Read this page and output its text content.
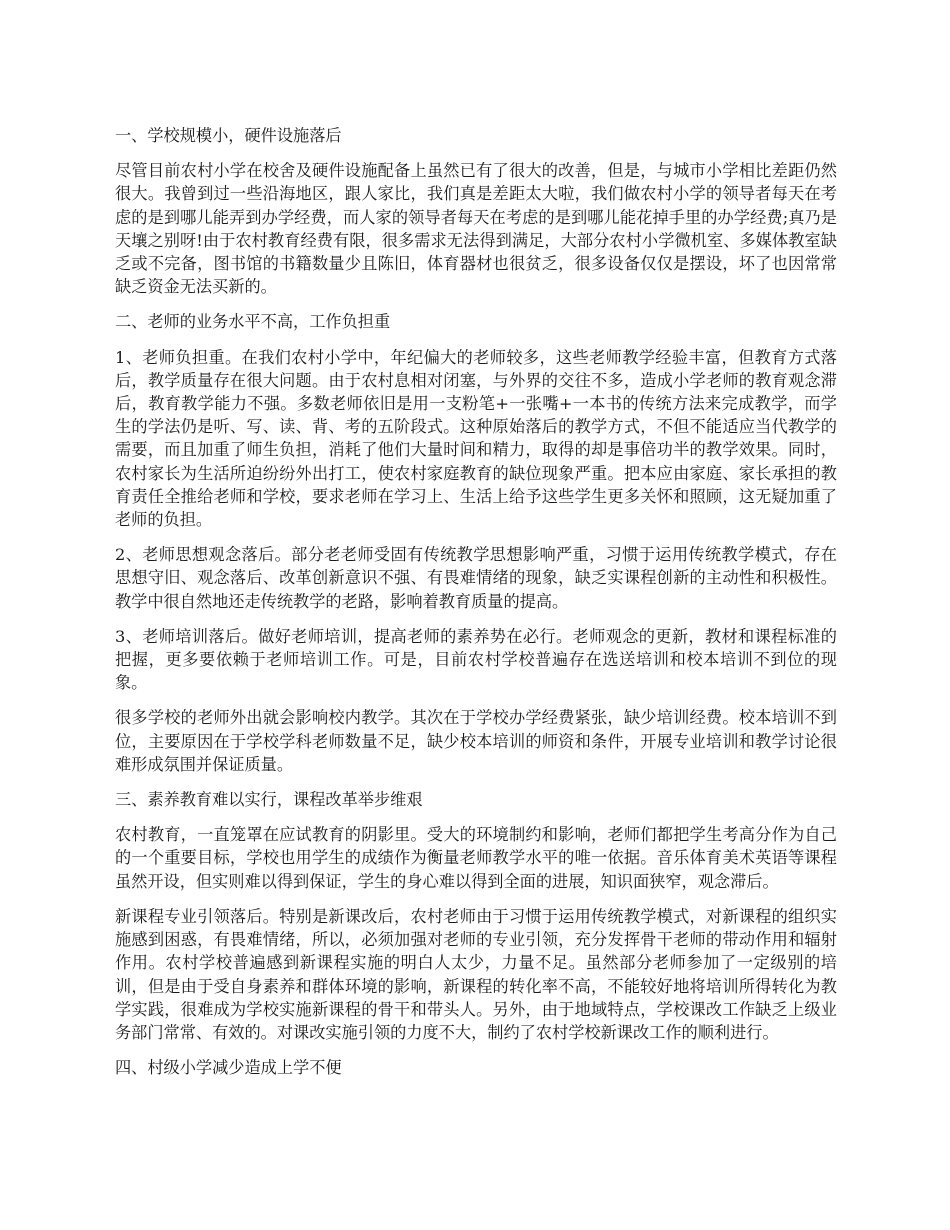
一、学校规模小，硬件设施落后

尽管目前农村小学在校舍及硬件设施配备上虽然已有了很大的改善，但是，与城市小学相比差距仍然很大。我曾到过一些沿海地区，跟人家比，我们真是差距太大啦，我们做农村小学的领导者每天在考虑的是到哪儿能弄到办学经费，而人家的领导者每天在考虑的是到哪儿能花掉手里的办学经费;真乃是天壤之别呀!由于农村教育经费有限，很多需求无法得到满足，大部分农村小学微机室、多媒体教室缺乏或不完备，图书馆的书籍数量少且陈旧，体育器材也很贫乏，很多设备仅仅是摆设，坏了也因常常缺乏资金无法买新的。

二、老师的业务水平不高，工作负担重

1、老师负担重。在我们农村小学中，年纪偏大的老师较多，这些老师教学经验丰富，但教育方式落后，教学质量存在很大问题。由于农村息相对闭塞，与外界的交往不多，造成小学老师的教育观念滞后，教育教学能力不强。多数老师依旧是用一支粉笔+一张嘴+一本书的传统方法来完成教学，而学生的学法仍是听、写、读、背、考的五阶段式。这种原始落后的教学方式，不但不能适应当代教学的需要，而且加重了师生负担，消耗了他们大量时间和精力，取得的却是事倍功半的教学效果。同时，农村家长为生活所迫纷纷外出打工，使农村家庭教育的缺位现象严重。把本应由家庭、家长承担的教育责任全推给老师和学校，要求老师在学习上、生活上给予这些学生更多关怀和照顾，这无疑加重了老师的负担。

2、老师思想观念落后。部分老老师受固有传统教学思想影响严重，习惯于运用传统教学模式，存在思想守旧、观念落后、改革创新意识不强、有畏难情绪的现象，缺乏实课程创新的主动性和积极性。教学中很自然地还走传统教学的老路，影响着教育质量的提高。

3、老师培训落后。做好老师培训，提高老师的素养势在必行。老师观念的更新，教材和课程标准的把握，更多要依赖于老师培训工作。可是，目前农村学校普遍存在选送培训和校本培训不到位的现象。

很多学校的老师外出就会影响校内教学。其次在于学校办学经费紧张，缺少培训经费。校本培训不到位，主要原因在于学校学科老师数量不足，缺少校本培训的师资和条件，开展专业培训和教学讨论很难形成氛围并保证质量。

三、素养教育难以实行，课程改革举步维艰

农村教育，一直笼罩在应试教育的阴影里。受大的环境制约和影响，老师们都把学生考高分作为自己的一个重要目标，学校也用学生的成绩作为衡量老师教学水平的唯一依据。音乐体育美术英语等课程虽然开设，但实则难以得到保证，学生的身心难以得到全面的进展，知识面狭窄，观念滞后。

新课程专业引领落后。特别是新课改后，农村老师由于习惯于运用传统教学模式，对新课程的组织实施感到困惑，有畏难情绪，所以，必须加强对老师的专业引领，充分发挥骨干老师的带动作用和辐射作用。农村学校普遍感到新课程实施的明白人太少，力量不足。虽然部分老师参加了一定级别的培训，但是由于受自身素养和群体环境的影响，新课程的转化率不高，不能较好地将培训所得转化为教学实践，很难成为学校实施新课程的骨干和带头人。另外，由于地域特点，学校课改工作缺乏上级业务部门常常、有效的。对课改实施引领的力度不大，制约了农村学校新课改工作的顺利进行。

四、村级小学减少造成上学不便
